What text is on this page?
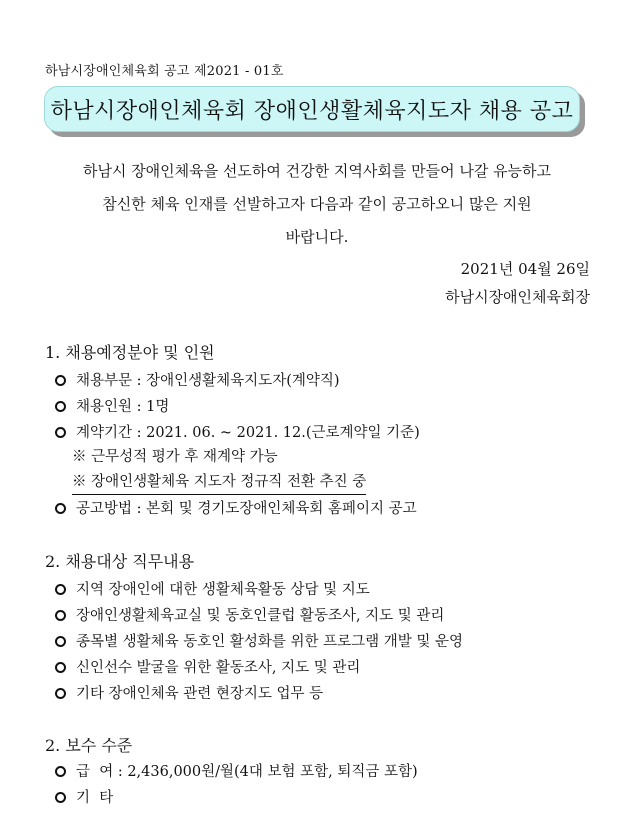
하남시장애인체육회 공고 제2021 - 01호
하남시장애인체육회 장애인생활체육지도자 채용 공고
하남시 장애인체육을 선도하여 건강한 지역사회를 만들어 나갈 유능하고
참신한 체육 인재를 선발하고자 다음과 같이 공고하오니 많은 지원
바랍니다.
2021년 04월 26일
하남시장애인체육회장
1. 채용예정분야 및 인원
채용부문 : 장애인생활체육지도자(계약직)
채용인원 : 1명
계약기간 : 2021. 06. ~ 2021. 12.(근로계약일 기준)
※ 근무성적 평가 후 재계약 가능
※ 장애인생활체육 지도자 정규직 전환 추진 중
공고방법 : 본회 및 경기도장애인체육회 홈페이지 공고
2. 채용대상 직무내용
지역 장애인에 대한 생활체육활동 상담 및 지도
장애인생활체육교실 및 동호인클럽 활동조사, 지도 및 관리
종목별 생활체육 동호인 활성화를 위한 프로그램 개발 및 운영
신인선수 발굴을 위한 활동조사, 지도 및 관리
기타 장애인체육 관련 현장지도 업무 등
2. 보수 수준
급  여 : 2,436,000원/월(4대 보험 포함, 퇴직금 포함)
기  타
